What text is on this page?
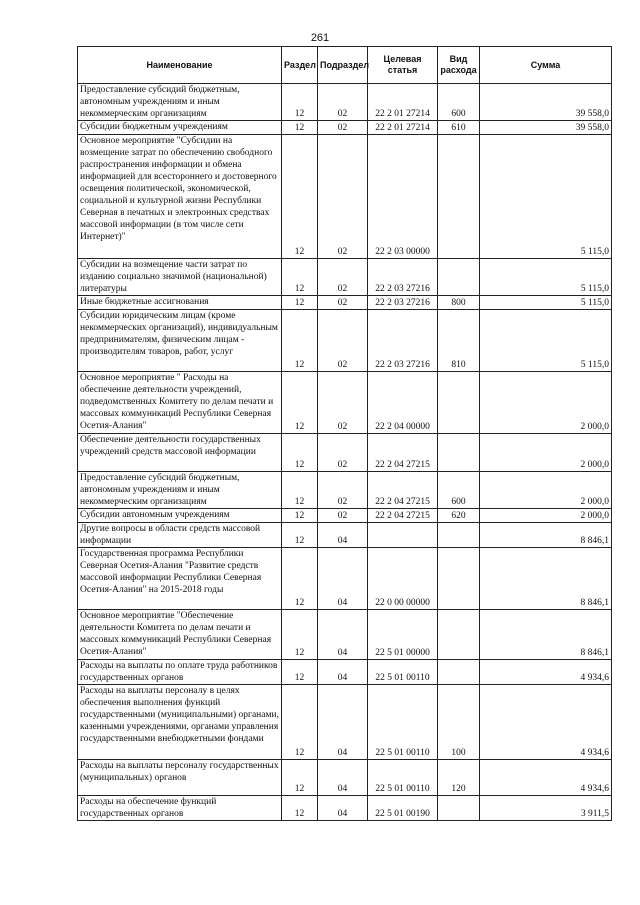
261
Наименование	Раздел	Подраздел	Целевая статья	Вид расхода	Сумма
Предоставление субсидий бюджетным, автономным учреждениям и иным некоммерческим организациям	12	02	22 2 01 27214	600	39 558,0
Субсидии бюджетным учреждениям	12	02	22 2 01 27214	610	39 558,0
Основное мероприятие "Субсидии на возмещение затрат по обеспечению свободного распространения информации и обмена информацией для всестороннего и достоверного освещения политической, экономической, социальной и культурной жизни Республики Северная в печатных и электронных средствах массовой информации (в том числе сети Интернет)"	12	02	22 2 03 00000		5 115,0
Субсидии на возмещение части затрат по изданию социально значимой (национальной) литературы	12	02	22 2 03 27216		5 115,0
Иные бюджетные ассигнования	12	02	22 2 03 27216	800	5 115,0
Субсидии юридическим лицам (кроме некоммерческих организаций), индивидуальным предпринимателям, физическим лицам - производителям товаров, работ, услуг	12	02	22 2 03 27216	810	5 115,0
Основное мероприятие " Расходы на обеспечение деятельности учреждений, подведомственных Комитету по делам печати и массовых коммуникаций Республики Северная Осетия-Алания"	12	02	22 2 04 00000		2 000,0
Обеспечение деятельности государственных учреждений средств массовой информации	12	02	22 2 04 27215		2 000,0
Предоставление субсидий бюджетным, автономным учреждениям и иным некоммерческим организациям	12	02	22 2 04 27215	600	2 000,0
Субсидии автономным учреждениям	12	02	22 2 04 27215	620	2 000,0
Другие вопросы в области средств массовой информации	12	04			8 846,1
Государственная программа Республики Северная Осетия-Алания "Развитие средств массовой информации Республики Северная Осетия-Алания" на 2015-2018 годы	12	04	22 0 00 00000		8 846,1
Основное мероприятие "Обеспечение деятельности Комитета по делам печати и массовых коммуникаций Республики Северная Осетия-Алания"	12	04	22 5 01 00000		8 846,1
Расходы на выплаты по оплате труда работников государственных органов	12	04	22 5 01 00110		4 934,6
Расходы на выплаты персоналу в целях обеспечения выполнения функций государственными (муниципальными) органами, казенными учреждениями, органами управления государственными внебюджетными фондами	12	04	22 5 01 00110	100	4 934,6
Расходы на выплаты персоналу государственных (муниципальных) органов	12	04	22 5 01 00110	120	4 934,6
Расходы на обеспечение функций государственных органов	12	04	22 5 01 00190		3 911,5
